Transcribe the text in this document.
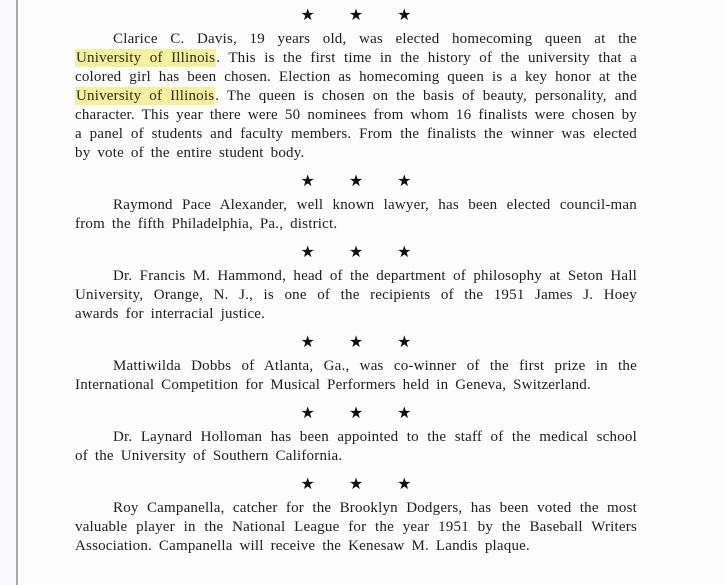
★ ★ ★

Clarice C. Davis, 19 years old, was elected homecoming queen at the University of Illinois. This is the first time in the history of the university that a colored girl has been chosen. Election as homecoming queen is a key honor at the University of Illinois. The queen is chosen on the basis of beauty, personality, and character. This year there were 50 nominees from whom 16 finalists were chosen by a panel of students and faculty members. From the finalists the winner was elected by vote of the entire student body.

★ ★ ★

Raymond Pace Alexander, well known lawyer, has been elected council-man from the fifth Philadelphia, Pa., district.

★ ★ ★

Dr. Francis M. Hammond, head of the department of philosophy at Seton Hall University, Orange, N. J., is one of the recipients of the 1951 James J. Hoey awards for interracial justice.

★ ★ ★

Mattiwilda Dobbs of Atlanta, Ga., was co-winner of the first prize in the International Competition for Musical Performers held in Geneva, Switzerland.

★ ★ ★

Dr. Laynard Holloman has been appointed to the staff of the medical school of the University of Southern California.

★ ★ ★

Roy Campanella, catcher for the Brooklyn Dodgers, has been voted the most valuable player in the National League for the year 1951 by the Baseball Writers Association. Campanella will receive the Kenesaw M. Landis plaque.
